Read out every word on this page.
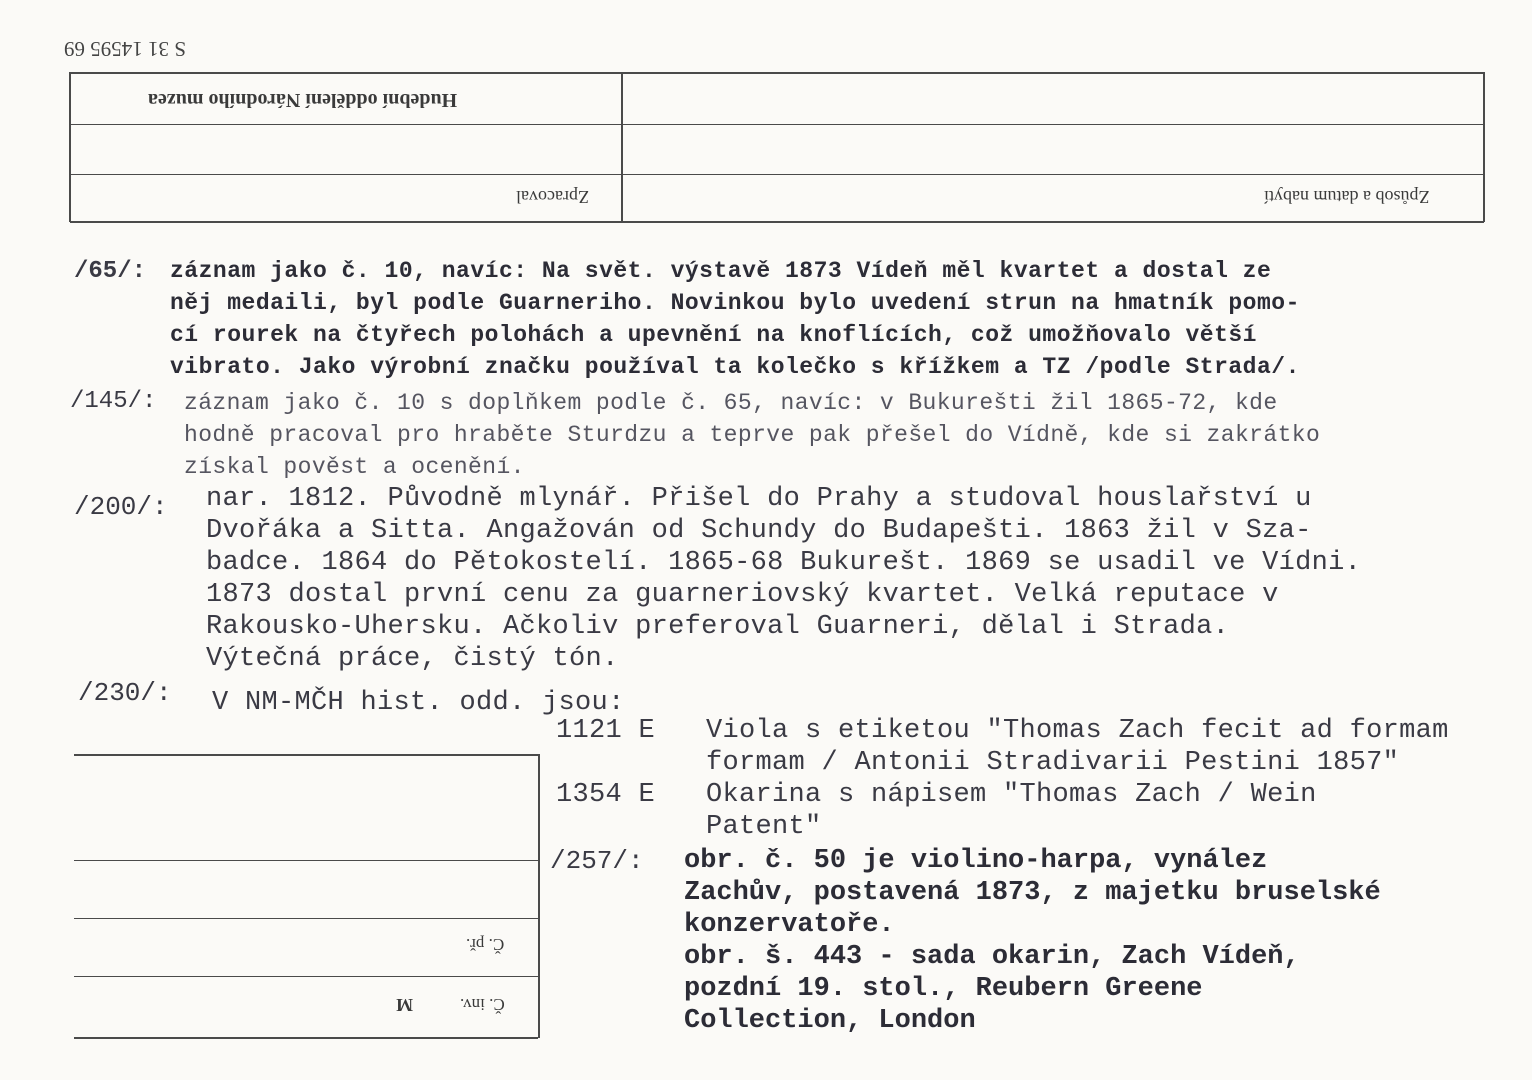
S 31 14595 69
Hudební oddělení Národního muzea
Zpracoval	Způsob a datum nabytí
/65/: záznam jako č. 10, navíc: Na svět. výstavě 1873 Vídeň měl kvartet a dostal ze
něj medaili, byl podle Guarneriho. Novinkou bylo uvedení strun na hmatník pomo-
cí rourek na čtyřech polohách a upevnění na knoflících, což umožňovalo větší
vibrato. Jako výrobní značku používal ta kolečko s křížkem a TZ /podle Strada/.
/145/: záznam jako č. 10 s doplňkem podle č. 65, navíc: v Bukurešti žil 1865-72, kde
hodně pracoval pro hraběte Sturdzu a teprve pak přešel do Vídně, kde si zakrátko
získal pověst a ocenění.
/200/: nar. 1812. Původně mlynář. Přišel do Prahy a studoval houslařství u
Dvořáka a Sitta. Angažován od Schundy do Budapešti. 1863 žil v Sza-
badce. 1864 do Pětokostelí. 1865-68 Bukurešt. 1869 se usadil ve Vídni.
1873 dostal první cenu za guarneriovský kvartet. Velká reputace v
Rakousko-Uhersku. Ačkoliv preferoval Guarneri, dělal i Strada.
Výtečná práce, čistý tón.
/230/: V NM-MČH hist. odd. jsou:
1121 E Viola s etiketou "Thomas Zach fecit ad formam
formam / Antonii Stradivarii Pestini 1857"
1354 E Okarina s nápisem "Thomas Zach / Wein
Patent"
Č. př.
Č. inv.
M
/257/: obr. č. 50 je violino-harpa, vynález
Zachův, postavená 1873, z majetku bruselské
konzervatoře.
obr. š. 443 - sada okarin, Zach Vídeň,
pozdní 19. stol., Reubern Greene
Collection, London
